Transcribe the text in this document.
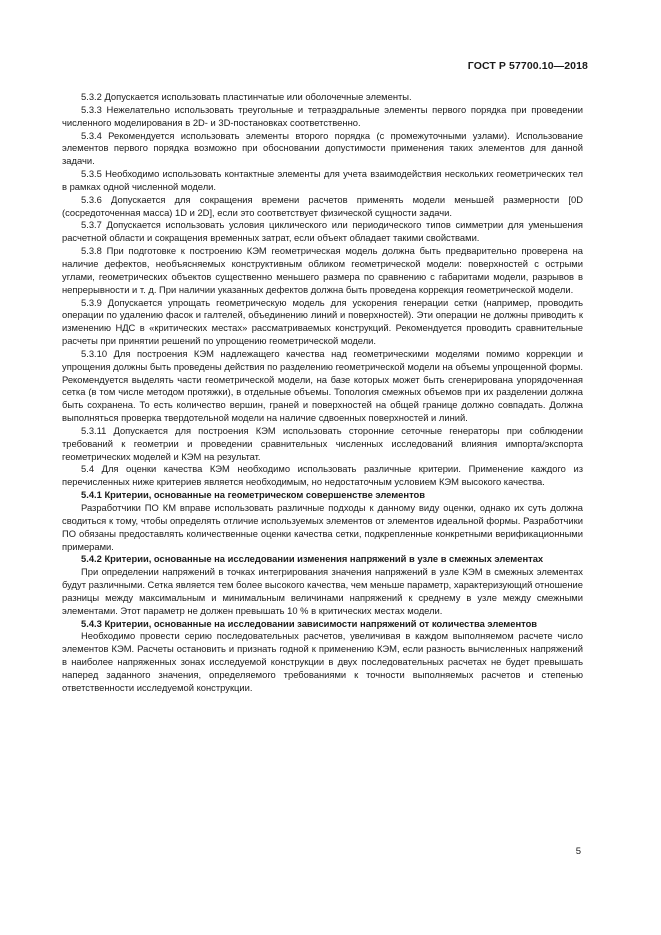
ГОСТ Р 57700.10—2018

5.3.2 Допускается использовать пластинчатые или оболочечные элементы.

5.3.3 Нежелательно использовать треугольные и тетраэдральные элементы первого порядка при проведении численного моделирования в 2D- и 3D-постановках соответственно.

5.3.4 Рекомендуется использовать элементы второго порядка (с промежуточными узлами). Использование элементов первого порядка возможно при обосновании допустимости применения таких элементов для данной задачи.

5.3.5 Необходимо использовать контактные элементы для учета взаимодействия нескольких геометрических тел в рамках одной численной модели.

5.3.6 Допускается для сокращения времени расчетов применять модели меньшей размерности [0D (сосредоточенная масса) 1D и 2D], если это соответствует физической сущности задачи.

5.3.7 Допускается использовать условия циклического или периодического типов симметрии для уменьшения расчетной области и сокращения временных затрат, если объект обладает такими свойствами.

5.3.8 При подготовке к построению КЭМ геометрическая модель должна быть предварительно проверена на наличие дефектов, необъясняемых конструктивным обликом геометрической модели: поверхностей с острыми углами, геометрических объектов существенно меньшего размера по сравнению с габаритами модели, разрывов в непрерывности и т. д. При наличии указанных дефектов должна быть проведена коррекция геометрической модели.

5.3.9 Допускается упрощать геометрическую модель для ускорения генерации сетки (например, проводить операции по удалению фасок и галтелей, объединению линий и поверхностей). Эти операции не должны приводить к изменению НДС в «критических местах» рассматриваемых конструкций. Рекомендуется проводить сравнительные расчеты при принятии решений по упрощению геометрической модели.

5.3.10 Для построения КЭМ надлежащего качества над геометрическими моделями помимо коррекции и упрощения должны быть проведены действия по разделению геометрической модели на объемы упрощенной формы. Рекомендуется выделять части геометрической модели, на базе которых может быть сгенерирована упорядоченная сетка (в том числе методом протяжки), в отдельные объемы. Топология смежных объемов при их разделении должна быть сохранена. То есть количество вершин, граней и поверхностей на общей границе должно совпадать. Должна выполняться проверка твердотельной модели на наличие сдвоенных поверхностей и линий.

5.3.11 Допускается для построения КЭМ использовать сторонние сеточные генераторы при соблюдении требований к геометрии и проведении сравнительных численных исследований влияния импорта/экспорта геометрических моделей и КЭМ на результат.

5.4 Для оценки качества КЭМ необходимо использовать различные критерии. Применение каждого из перечисленных ниже критериев является необходимым, но недостаточным условием КЭМ высокого качества.

5.4.1 Критерии, основанные на геометрическом совершенстве элементов

Разработчики ПО КМ вправе использовать различные подходы к данному виду оценки, однако их суть должна сводиться к тому, чтобы определять отличие используемых элементов от элементов идеальной формы. Разработчики ПО обязаны предоставлять количественные оценки качества сетки, подкрепленные конкретными верификационными примерами.

5.4.2 Критерии, основанные на исследовании изменения напряжений в узле в смежных элементах

При определении напряжений в точках интегрирования значения напряжений в узле КЭМ в смежных элементах будут различными. Сетка является тем более высокого качества, чем меньше параметр, характеризующий отношение разницы между максимальным и минимальным величинами напряжений к среднему в узле между смежными элементами. Этот параметр не должен превышать 10 % в критических местах модели.

5.4.3 Критерии, основанные на исследовании зависимости напряжений от количества элементов

Необходимо провести серию последовательных расчетов, увеличивая в каждом выполняемом расчете число элементов КЭМ. Расчеты остановить и признать годной к применению КЭМ, если разность вычисленных напряжений в наиболее напряженных зонах исследуемой конструкции в двух последовательных расчетах не будет превышать наперед заданного значения, определяемого требованиями к точности выполняемых расчетов и степенью ответственности исследуемой конструкции.

5
